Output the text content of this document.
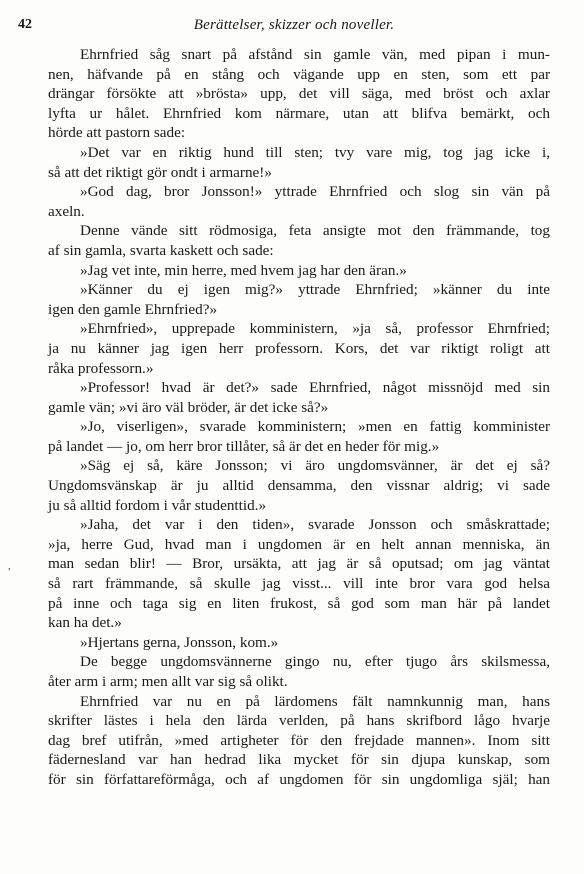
42	Berättelser, skizzer och noveller.
Ehrnfried såg snart på afstånd sin gamle vän, med pipan i mun-
nen, häfvande på en stång och vägande upp en sten, som ett par
drängar försökte att »brösta» upp, det vill säga, med bröst och axlar
lyfta ur hålet. Ehrnfried kom närmare, utan att blifva bemärkt, och
hörde att pastorn sade:
»Det var en riktig hund till sten; tvy vare mig, tog jag icke i,
så att det riktigt gör ondt i armarne!»
»God dag, bror Jonsson!» yttrade Ehrnfried och slog sin vän på
axeln.
Denne vände sitt rödmosiga, feta ansigte mot den främmande, tog
af sin gamla, svarta kaskett och sade:
»Jag vet inte, min herre, med hvem jag har den äran.»
»Känner du ej igen mig?» yttrade Ehrnfried; »känner du inte
igen den gamle Ehrnfried?»
»Ehrnfried», upprepade komministern, »ja så, professor Ehrnfried;
ja nu känner jag igen herr professorn. Kors, det var riktigt roligt att
råka professorn.»
»Professor! hvad är det?» sade Ehrnfried, något missnöjd med sin
gamle vän; »vi äro väl bröder, är det icke så?»
»Jo, viserligen», svarade komministern; »men en fattig komminister
på landet — jo, om herr bror tillåter, så är det en heder för mig.»
»Säg ej så, käre Jonsson; vi äro ungdomsvänner, är det ej så?
Ungdomsvänskap är ju alltid densamma, den vissnar aldrig; vi sade
ju så alltid fordom i vår studenttid.»
»Jaha, det var i den tiden», svarade Jonsson och småskrattade;
»ja, herre Gud, hvad man i ungdomen är en helt annan menniska, än
man sedan blir! — Bror, ursäkta, att jag är så oputsad; om jag väntat
så rart främmande, så skulle jag visst... vill inte bror vara god helsa
på inne och taga sig en liten frukost, så god som man här på landet
kan ha det.»
»Hjertans gerna, Jonsson, kom.»
De begge ungdomsvännerne gingo nu, efter tjugo års skilsmessa,
åter arm i arm; men allt var sig så olikt.
Ehrnfried var nu en på lärdomens fält namnkunnig man, hans
skrifter lästes i hela den lärda verlden, på hans skrifbord lågo hvarje
dag bref utifrån, »med artigheter för den frejdade mannen». Inom sitt
fädernesland var han hedrad lika mycket för sin djupa kunskap, som
för sin författareförmåga, och af ungdomen för sin ungdomliga själ; han
,
